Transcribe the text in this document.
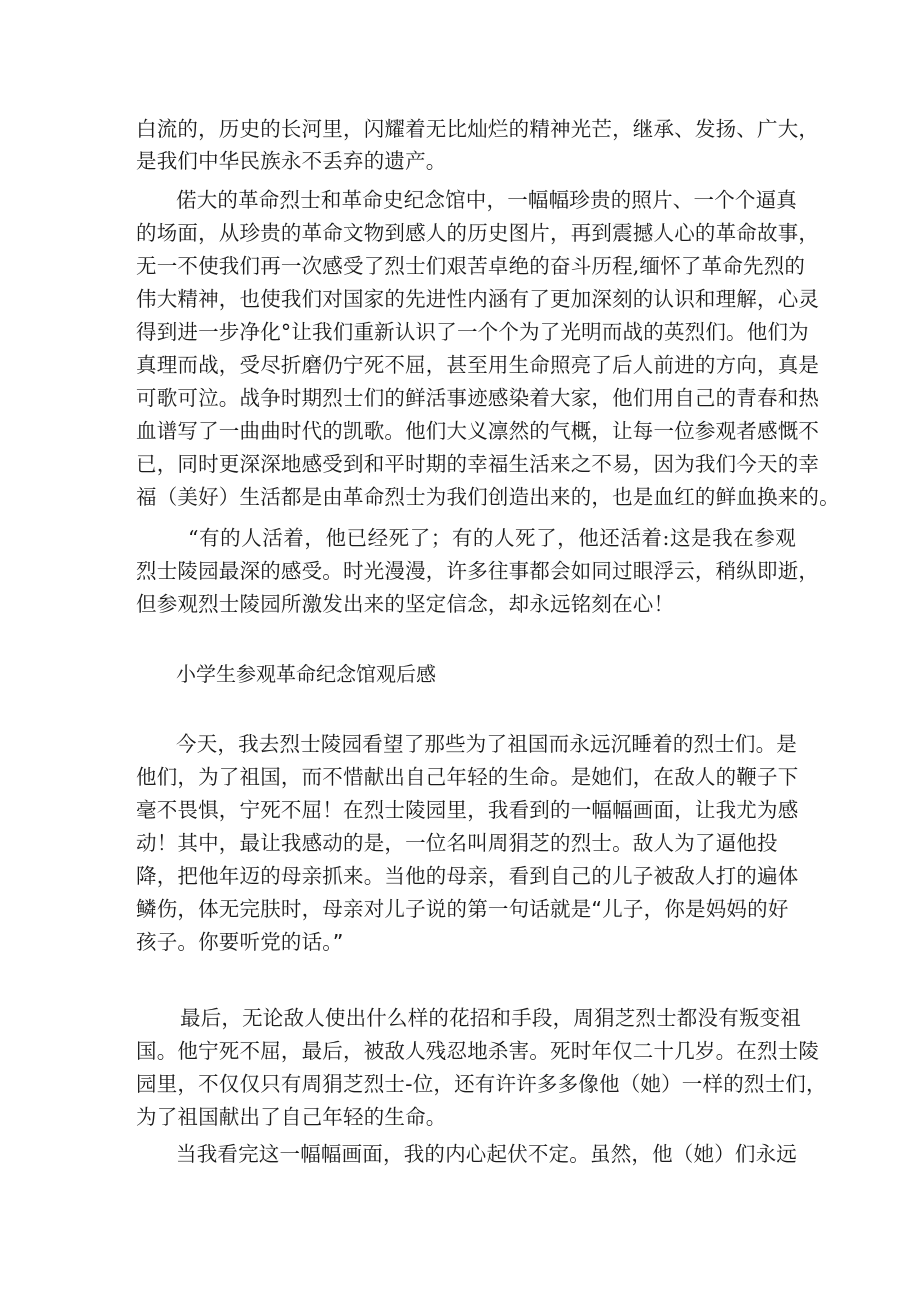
白流的，历史的长河里，闪耀着无比灿烂的精神光芒，继承、发扬、广大，
是我们中华民族永不丢弃的遗产。
偌大的革命烈士和革命史纪念馆中，一幅幅珍贵的照片、一个个逼真
的场面，从珍贵的革命文物到感人的历史图片，再到震撼人心的革命故事，
无一不使我们再一次感受了烈士们艰苦卓绝的奋斗历程,缅怀了革命先烈的
伟大精神，也使我们对国家的先进性内涵有了更加深刻的认识和理解，心灵
得到进一步净化°让我们重新认识了一个个为了光明而战的英烈们。他们为
真理而战，受尽折磨仍宁死不屈，甚至用生命照亮了后人前进的方向，真是
可歌可泣。战争时期烈士们的鲜活事迹感染着大家，他们用自己的青春和热
血谱写了一曲曲时代的凯歌。他们大义凛然的气概，让每一位参观者感慨不
已，同时更深深地感受到和平时期的幸福生活来之不易，因为我们今天的幸
福（美好）生活都是由革命烈士为我们创造出来的，也是血红的鲜血换来的。
“有的人活着，他已经死了；有的人死了，他还活着:这是我在参观
烈士陵园最深的感受。时光漫漫，许多往事都会如同过眼浮云，稍纵即逝，
但参观烈士陵园所激发出来的坚定信念，却永远铭刻在心！
小学生参观革命纪念馆观后感
今天，我去烈士陵园看望了那些为了祖国而永远沉睡着的烈士们。是
他们，为了祖国，而不惜献出自己年轻的生命。是她们，在敌人的鞭子下
毫不畏惧，宁死不屈！在烈士陵园里，我看到的一幅幅画面，让我尤为感
动！其中，最让我感动的是，一位名叫周狷芝的烈士。敌人为了逼他投
降，把他年迈的母亲抓来。当他的母亲，看到自己的儿子被敌人打的遍体
鳞伤，体无完肤时，母亲对儿子说的第一句话就是“儿子，你是妈妈的好
孩子。你要听党的话。”
最后，无论敌人使出什么样的花招和手段，周狷芝烈士都没有叛变祖
国。他宁死不屈，最后，被敌人残忍地杀害。死时年仅二十几岁。在烈士陵
园里，不仅仅只有周狷芝烈士-位，还有许许多多像他（她）一样的烈士们，
为了祖国献出了自己年轻的生命。
当我看完这一幅幅画面，我的内心起伏不定。虽然，他（她）们永远
